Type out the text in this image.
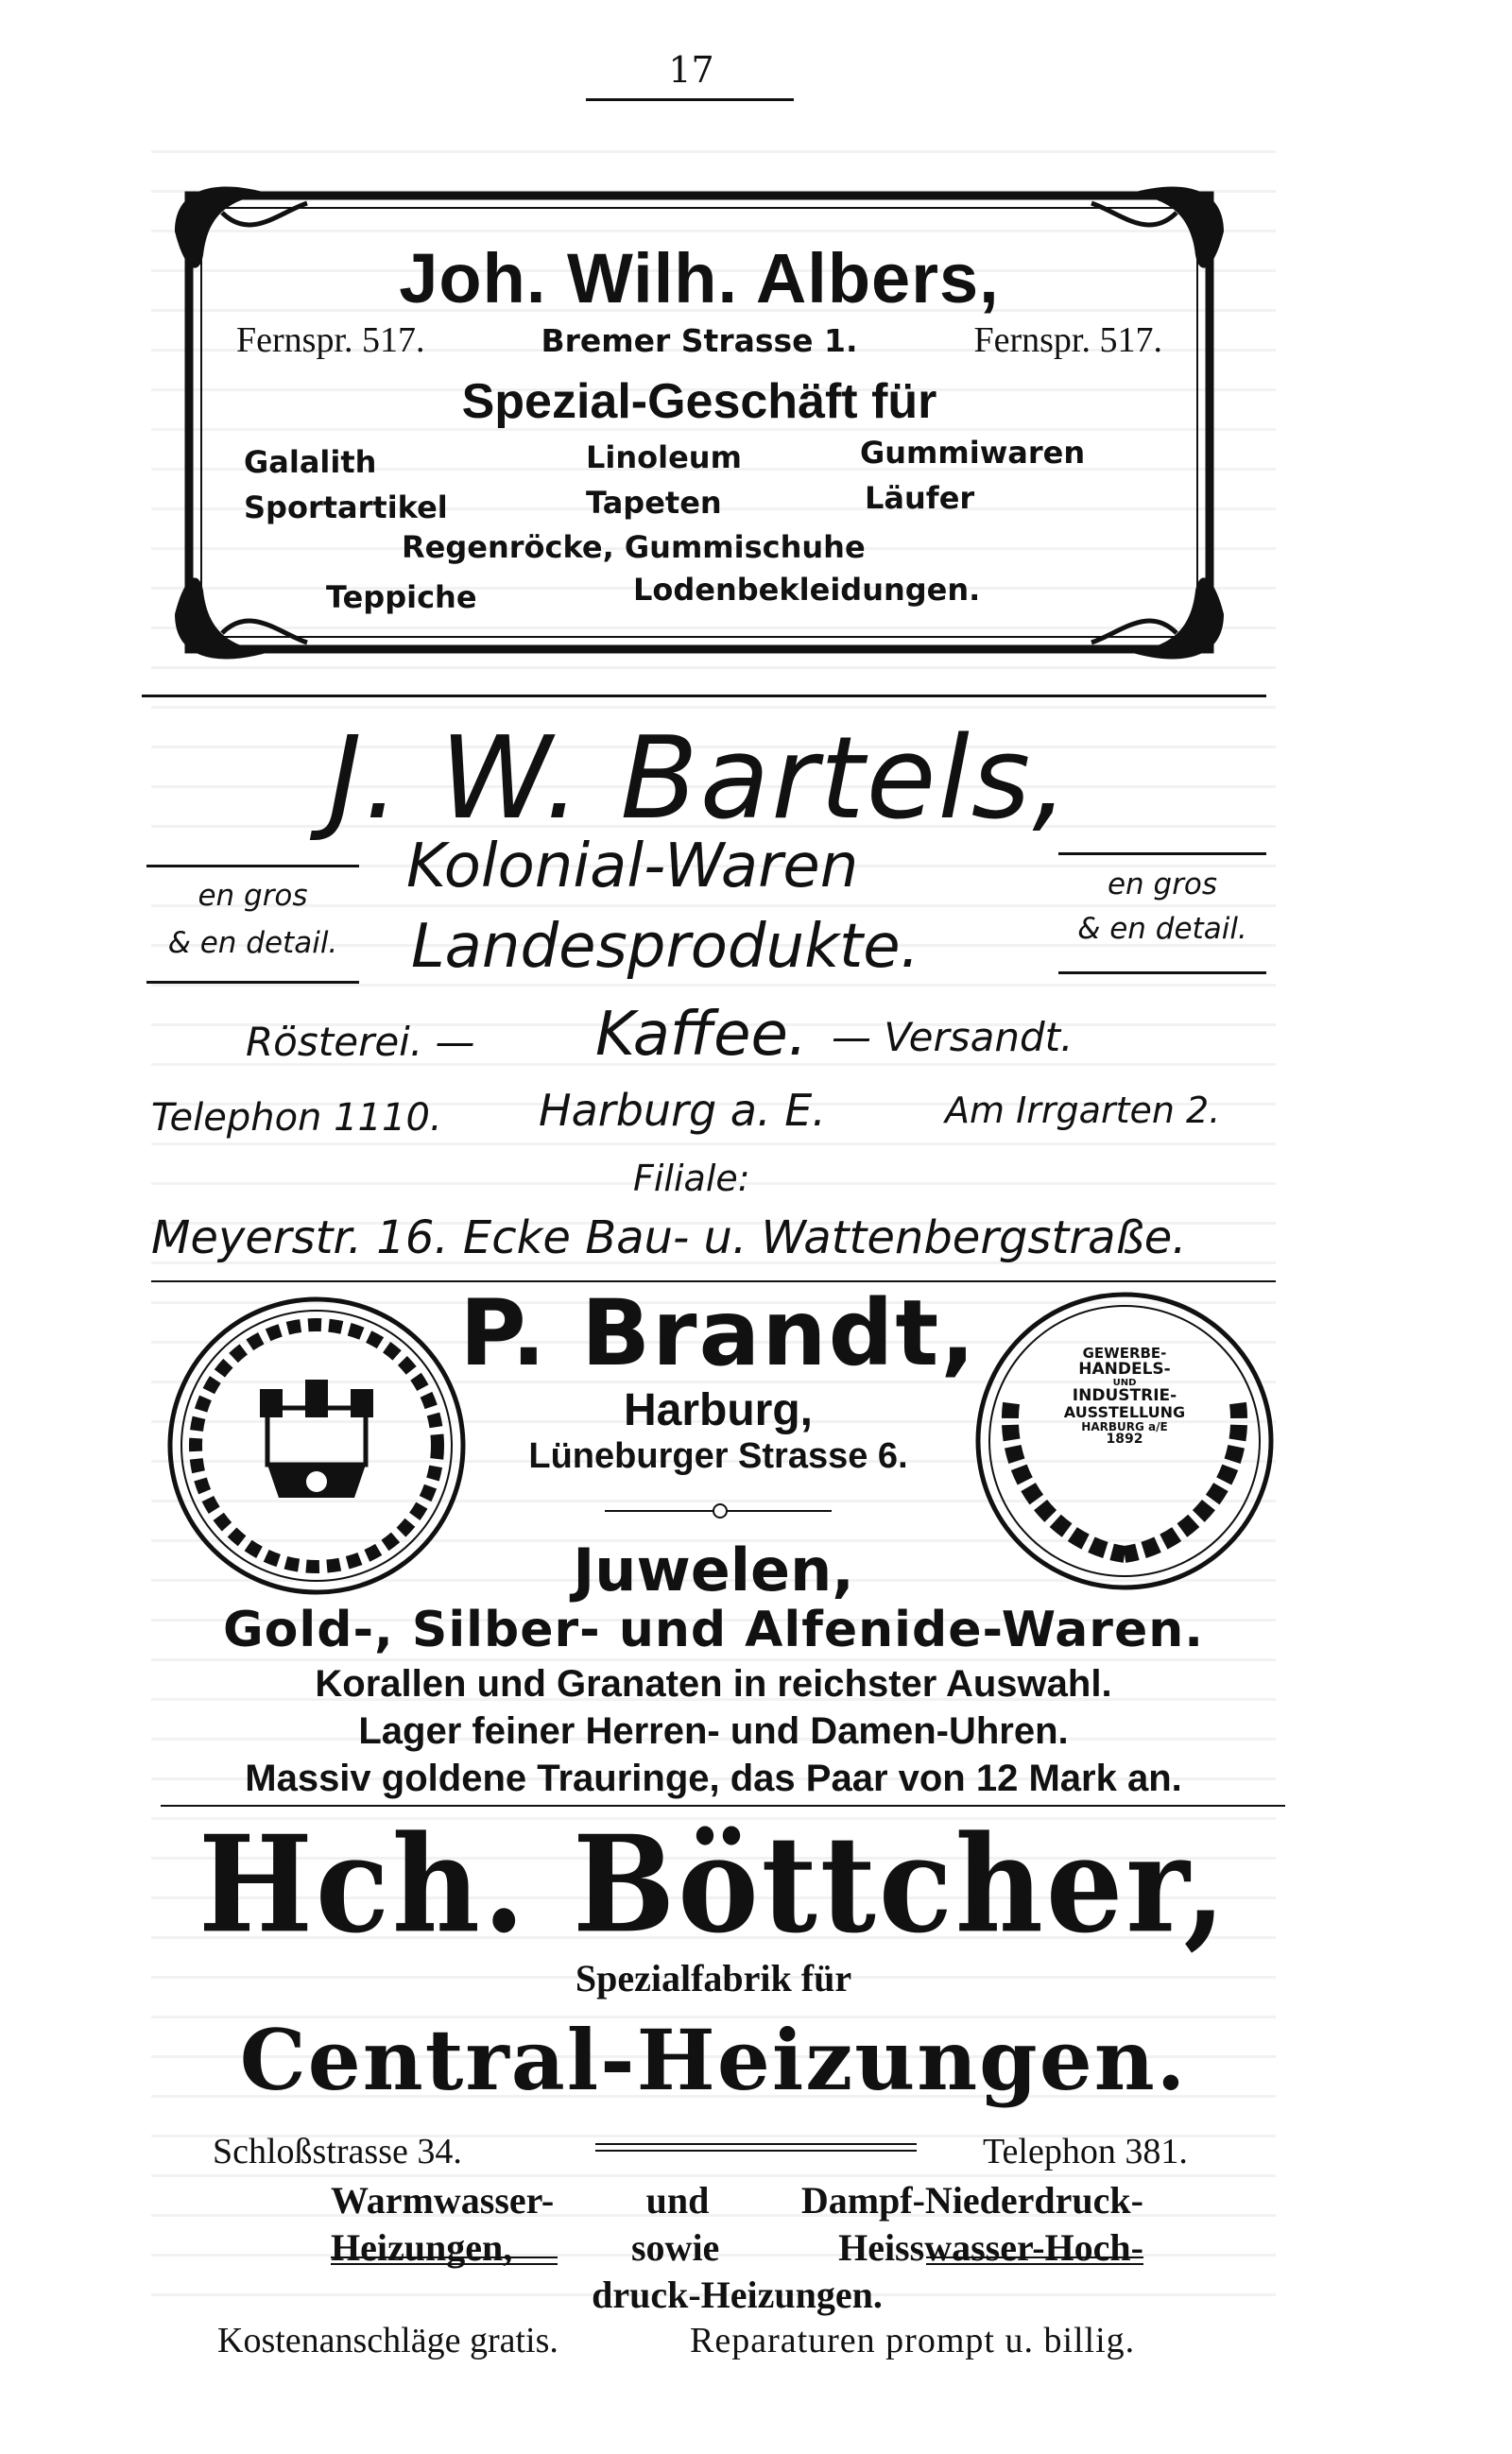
17
Joh. Wilh. Albers,
Fernspr. 517.	Bremer Strasse 1.	Fernspr. 517.
Spezial-Geschäft für
Galalith	Linoleum	Gummiwaren
Sportartikel	Tapeten	Läufer
Regenröcke, Gummischuhe
Teppiche	Lodenbekleidungen.
J. W. Bartels,
en gros
& en detail.
en gros
& en detail.
Kolonial-Waren
Landesprodukte.
Rösterei. — Kaffee. — Versandt.
Telephon 1110. Harburg a. E.	Am Irrgarten 2.
Filiale:
Meyerstr. 16. Ecke Bau- u. Wattenbergstraße.
GEWERBE-
HANDELS-
UND
INDUSTRIE-
AUSSTELLUNG
HARBURG a/E
1892
P. Brandt,
Harburg,
Lüneburger Strasse 6.
Juwelen,
Gold-, Silber- und Alfenide-Waren.
Korallen und Granaten in reichster Auswahl.
Lager feiner Herren- und Damen-Uhren.
Massiv goldene Trauringe, das Paar von 12 Mark an.
Hch. Böttcher,
Spezialfabrik für
Central-Heizungen.
Schloßstrasse 34.	Telephon 381.
Warmwasser- und Dampf-Niederdruck-
Heizungen, sowie Heisswasser-Hoch-
druck-Heizungen.
Kostenanschläge gratis.	Reparaturen prompt u. billig.
